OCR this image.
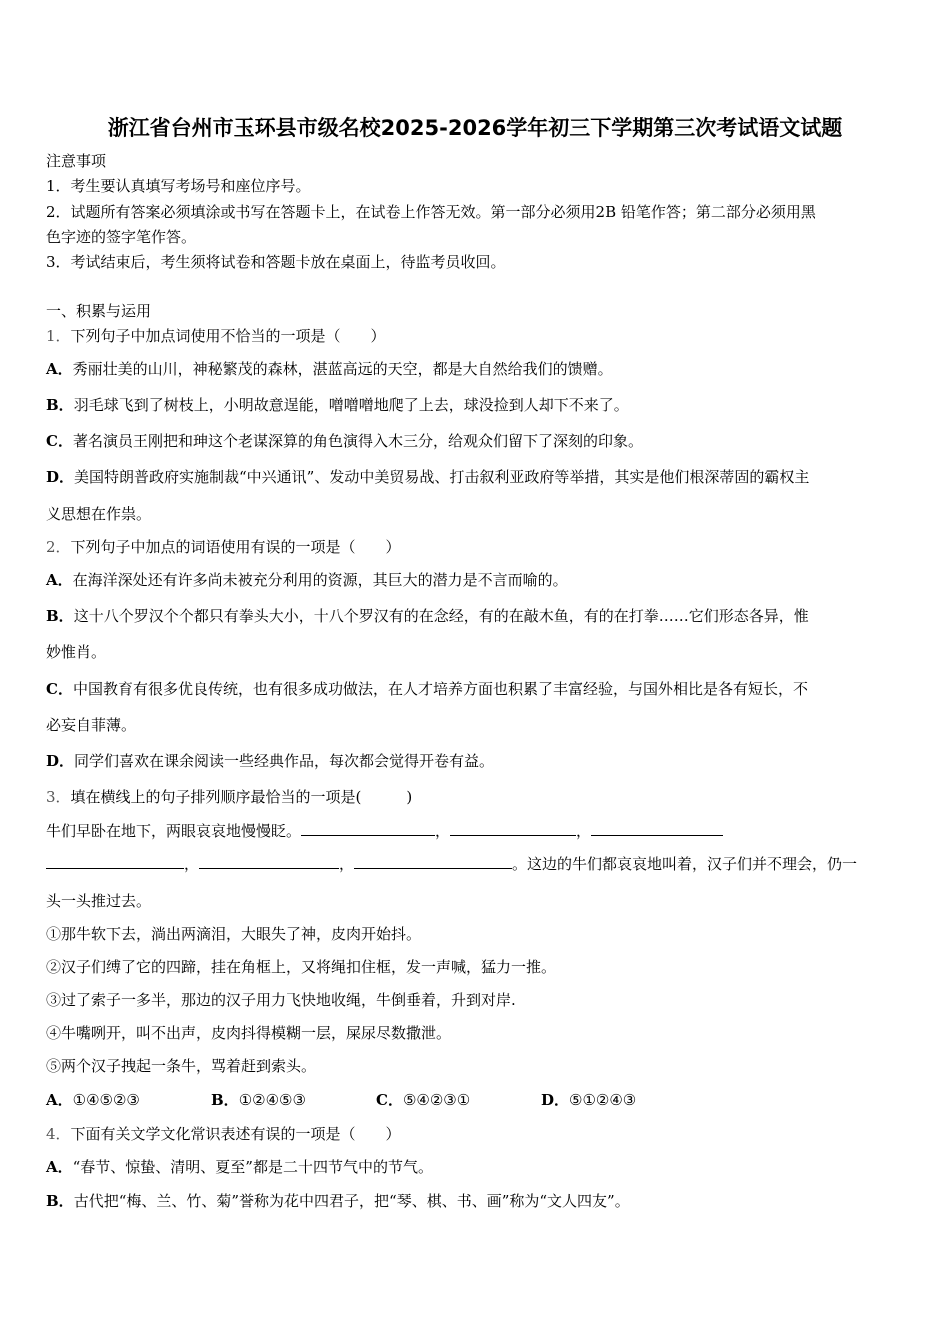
浙江省台州市玉环县市级名校2025-2026学年初三下学期第三次考试语文试题
注意事项
1．考生要认真填写考场号和座位序号。
2．试题所有答案必须填涂或书写在答题卡上，在试卷上作答无效。第一部分必须用2B 铅笔作答；第二部分必须用黑
色字迹的签字笔作答。
3．考试结束后，考生须将试卷和答题卡放在桌面上，待监考员收回。
一、积累与运用
1．下列句子中加点词使用不恰当的一项是（　　）
A．秀丽壮美的山川，神秘繁茂的森林，湛蓝高远的天空，都是大自然给我们的馈赠。
B．羽毛球飞到了树枝上，小明故意逞能，噌噌噌地爬了上去，球没捡到人却下不来了。
C．著名演员王刚把和珅这个老谋深算的角色演得入木三分，给观众们留下了深刻的印象。
D．美国特朗普政府实施制裁“中兴通讯”、发动中美贸易战、打击叙利亚政府等举措，其实是他们根深蒂固的霸权主
义思想在作祟。
2．下列句子中加点的词语使用有误的一项是（　　）
A．在海洋深处还有许多尚未被充分利用的资源，其巨大的潜力是不言而喻的。
B．这十八个罗汉个个都只有拳头大小，十八个罗汉有的在念经，有的在敲木鱼，有的在打拳……它们形态各异，惟
妙惟肖。
C．中国教育有很多优良传统，也有很多成功做法，在人才培养方面也积累了丰富经验，与国外相比是各有短长，不
必妄自菲薄。
D．同学们喜欢在课余阅读一些经典作品，每次都会觉得开卷有益。
3．填在横线上的句子排列顺序最恰当的一项是(　　　)
牛们早卧在地下，两眼哀哀地慢慢眨。	，	，
，	，	。这边的牛们都哀哀地叫着，汉子们并不理会，仍一
头一头推过去。
①那牛软下去，淌出两滴泪，大眼失了神，皮肉开始抖。
②汉子们缚了它的四蹄，挂在角框上，又将绳扣住框，发一声喊，猛力一推。
③过了索子一多半，那边的汉子用力飞快地收绳，牛倒垂着，升到对岸.
④牛嘴咧开，叫不出声，皮肉抖得模糊一层，屎尿尽数撒泄。
⑤两个汉子拽起一条牛，骂着赶到索头。
A．①④⑤②③	B．①②④⑤③	C．⑤④②③①	D．⑤①②④③
4．下面有关文学文化常识表述有误的一项是（　　）
A．“春节、惊蛰、清明、夏至”都是二十四节气中的节气。
B．古代把“梅、兰、竹、菊”誉称为花中四君子，把“琴、棋、书、画”称为“文人四友”。
